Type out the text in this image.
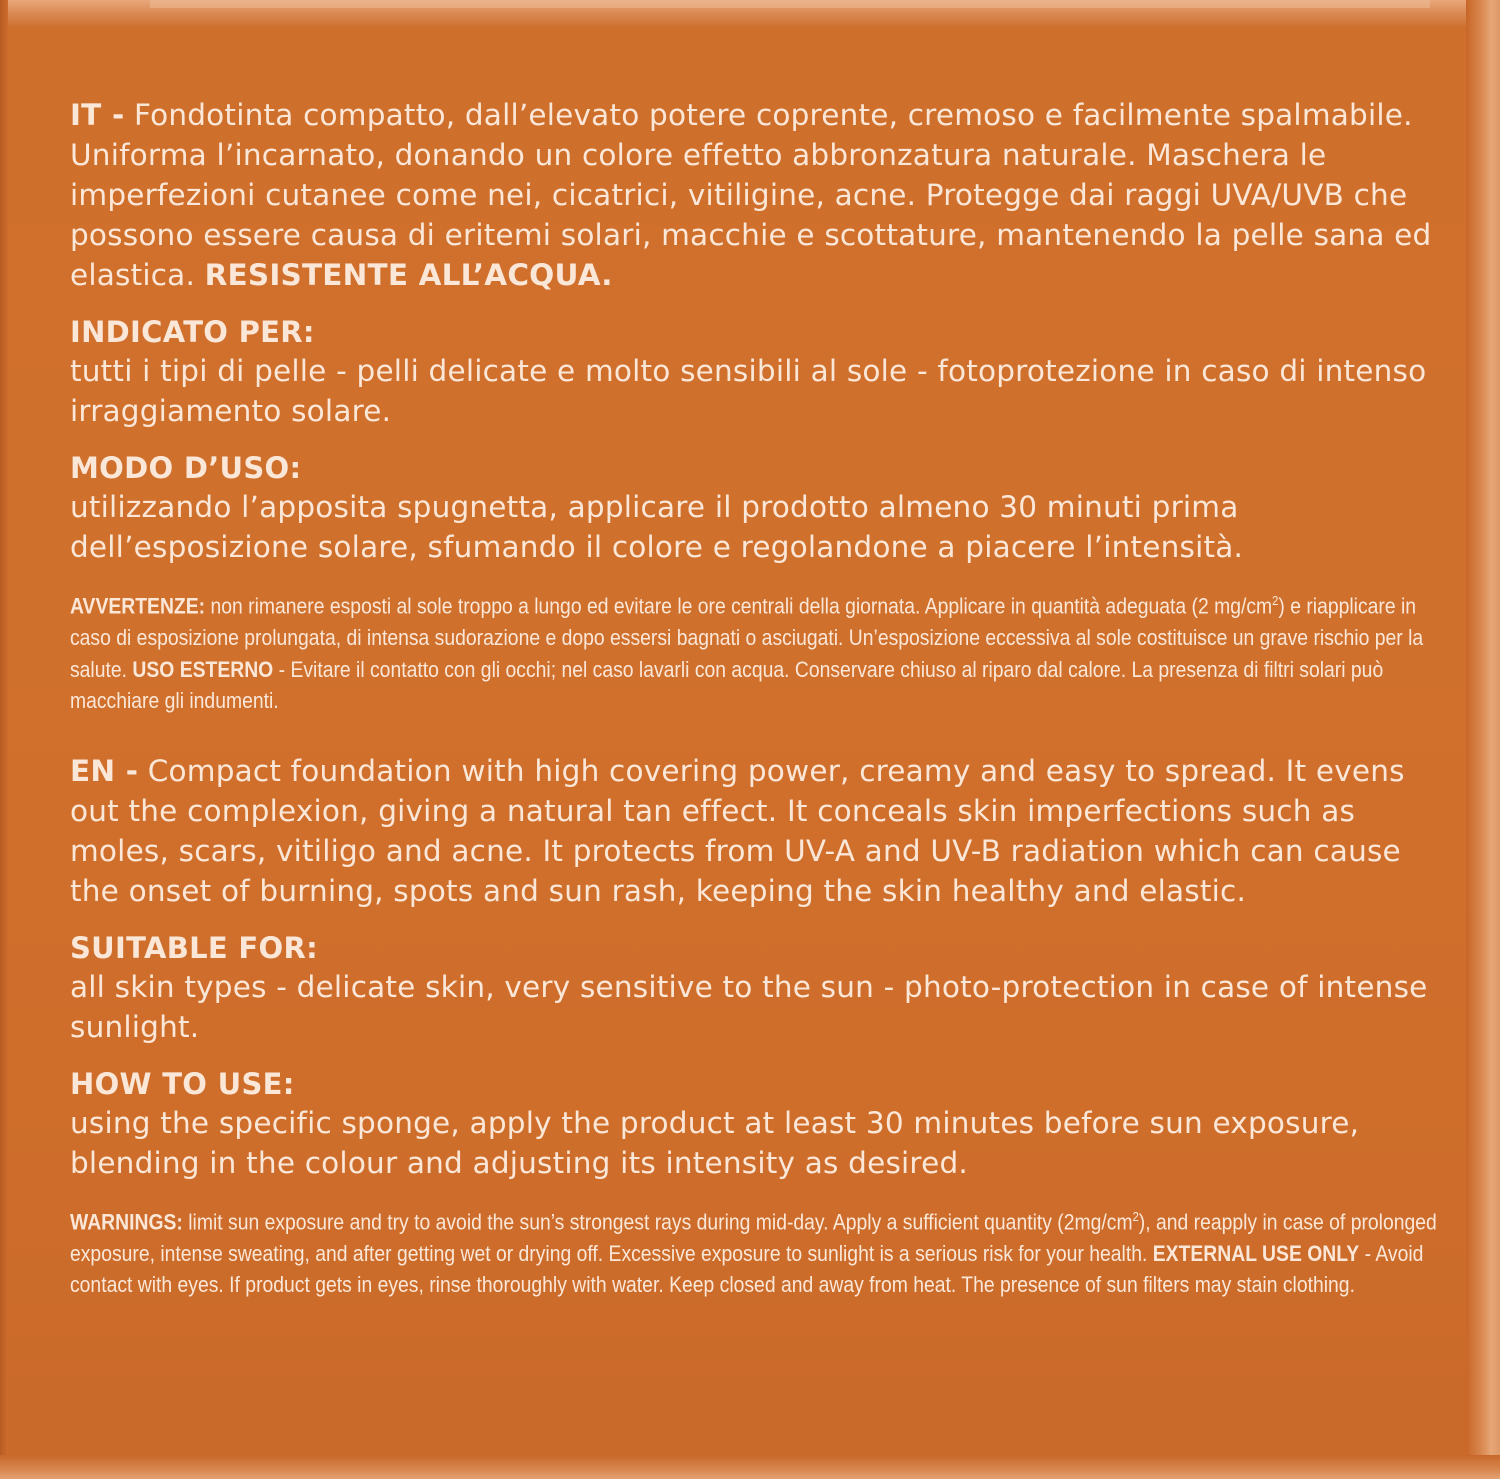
IT - Fondotinta compatto, dall’elevato potere coprente, cremoso e facilmente spalmabile. Uniforma l’incarnato, donando un colore effetto abbronzatura naturale. Maschera le imperfezioni cutanee come nei, cicatrici, vitiligine, acne. Protegge dai raggi UVA/UVB che possono essere causa di eritemi solari, macchie e scottature, mantenendo la pelle sana ed elastica. RESISTENTE ALL’ACQUA.

INDICATO PER:

tutti i tipi di pelle - pelli delicate e molto sensibili al sole - fotoprotezione in caso di intenso irraggiamento solare.

MODO D’USO:

utilizzando l’apposita spugnetta, applicare il prodotto almeno 30 minuti prima dell’esposizione solare, sfumando il colore e regolandone a piacere l’intensità.

AVVERTENZE: non rimanere esposti al sole troppo a lungo ed evitare le ore centrali della giornata. Applicare in quantità adeguata (2 $mg/cm^2$) e riapplicare in caso di esposizione prolungata, di intensa sudorazione e dopo essersi bagnati o asciugati. Un’esposizione eccessiva al sole costituisce un grave rischio per la salute. USO ESTERNO - Evitare il contatto con gli occhi; nel caso lavarli con acqua. Conservare chiuso al riparo dal calore. La presenza di filtri solari può macchiare gli indumenti.

EN - Compact foundation with high covering power, creamy and easy to spread. It evens out the complexion, giving a natural tan effect. It conceals skin imperfections such as moles, scars, vitiligo and acne. It protects from UV-A and UV-B radiation which can cause the onset of burning, spots and sun rash, keeping the skin healthy and elastic.

SUITABLE FOR:

all skin types - delicate skin, very sensitive to the sun - photo-protection in case of intense sunlight.

HOW TO USE:

using the specific sponge, apply the product at least 30 minutes before sun exposure, blending in the colour and adjusting its intensity as desired.

WARNINGS: limit sun exposure and try to avoid the sun’s strongest rays during mid-day. Apply a sufficient quantity $(2mg/cm^2)$, and reapply in case of prolonged exposure, intense sweating, and after getting wet or drying off. Excessive exposure to sunlight is a serious risk for your health. EXTERNAL USE ONLY - Avoid contact with eyes. If product gets in eyes, rinse thoroughly with water. Keep closed and away from heat. The presence of sun filters may stain clothing.
